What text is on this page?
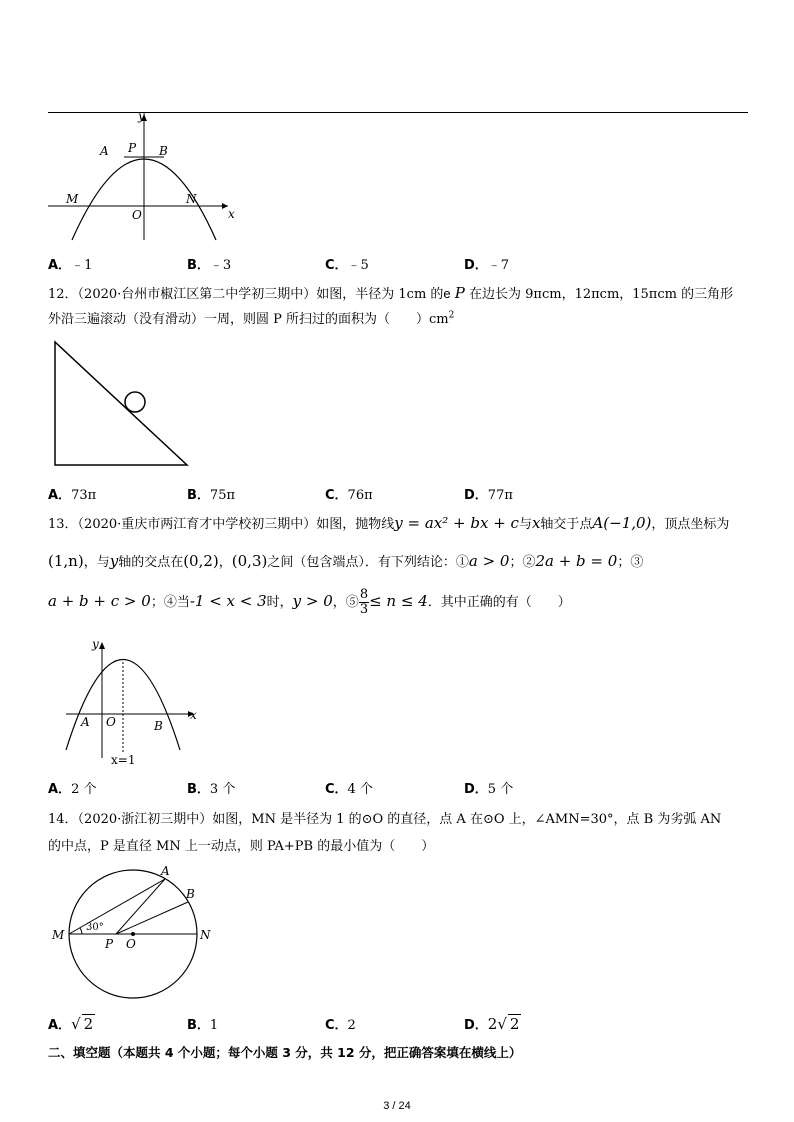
y
x
A P B
M	N
O
A．﹣1	B．﹣3	C．﹣5	D．﹣7
12．（2020·台州市椒江区第二中学初三期中）如图，半径为 1cm 的e P 在边长为 9πcm，12πcm，15πcm 的三角形
外沿三遍滚动（没有滑动）一周，则圆 P 所扫过的面积为（　　）$cm^2$
A．73π	B．75π	C．76π	D．77π
13．（2020·重庆市两江育才中学校初三期中）如图，抛物线y = ax² + bx + c与x轴交于点A(−1,0)，顶点坐标为
(1,n)，与y轴的交点在(0,2)，(0,3)之间（包含端点）．有下列结论：①a > 0；②2a + b = 0；③
a + b + c > 0；④当-1 < x < 3时，y > 0，⑤ $\frac{8}{3} \le n \le 4$．其中正确的有（　　）
y
x
A O	B
x=1
A．2 个	B．3 个	C．4 个	D．5 个
14．（2020·浙江初三期中）如图，MN 是半径为 1 的⊙O 的直径，点 A 在⊙O 上，∠AMN=30°，点 B 为劣弧 AN
的中点，P 是直径 MN 上一动点，则 PA+PB 的最小值为（　　）
A
B
M	N
P O
30°
A．√ 2	B．1	C．2	D．2√ 2
二、填空题（本题共 4 个小题；每个小题 3 分，共 12 分，把正确答案填在横线上）
3 / 24
